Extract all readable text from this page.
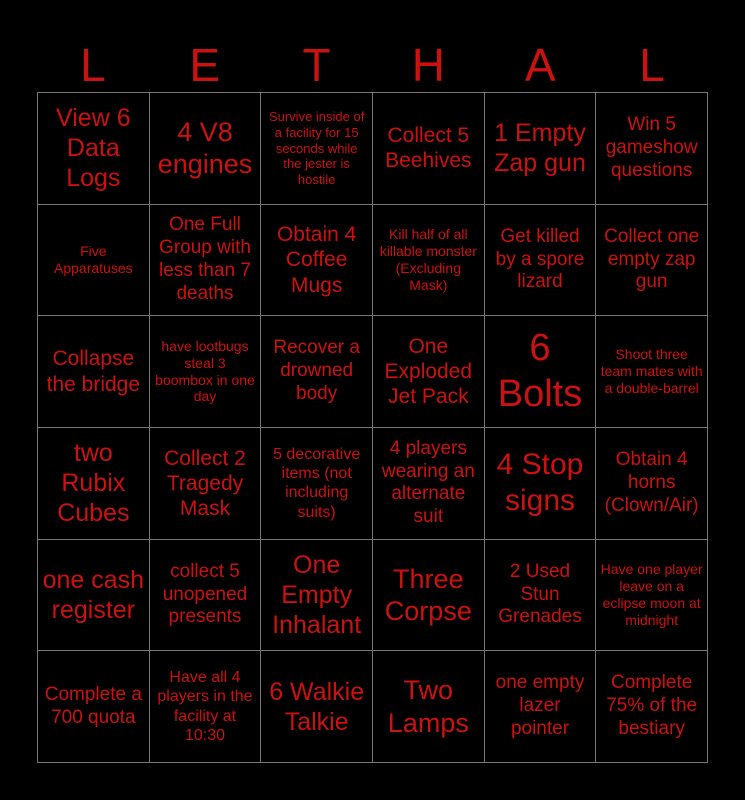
L	E	T	H	A	L
View 6 Data Logs
4 V8 engines
Survive inside of a facility for 15 seconds while the jester is hostile
Collect 5 Beehives
1 Empty Zap gun
Win 5 gameshow questions
Five Apparatuses
One Full Group with less than 7 deaths
Obtain 4 Coffee Mugs
Kill half of all killable monster (Excluding Mask)
Get killed by a spore lizard
Collect one empty zap gun
Collapse the bridge
have lootbugs steal 3 boombox in one day
Recover a drowned body
One Exploded Jet Pack
6 Bolts
Shoot three team mates with a double-barrel
two Rubix Cubes
Collect 2 Tragedy Mask
5 decorative items (not including suits)
4 players wearing an alternate suit
4 Stop signs
Obtain 4 horns (Clown/Air)
one cash register
collect 5 unopened presents
One Empty Inhalant
Three Corpse
2 Used Stun Grenades
Have one player leave on a eclipse moon at midnight
Complete a 700 quota
Have all 4 players in the facility at 10:30
6 Walkie Talkie
Two Lamps
one empty lazer pointer
Complete 75% of the bestiary
